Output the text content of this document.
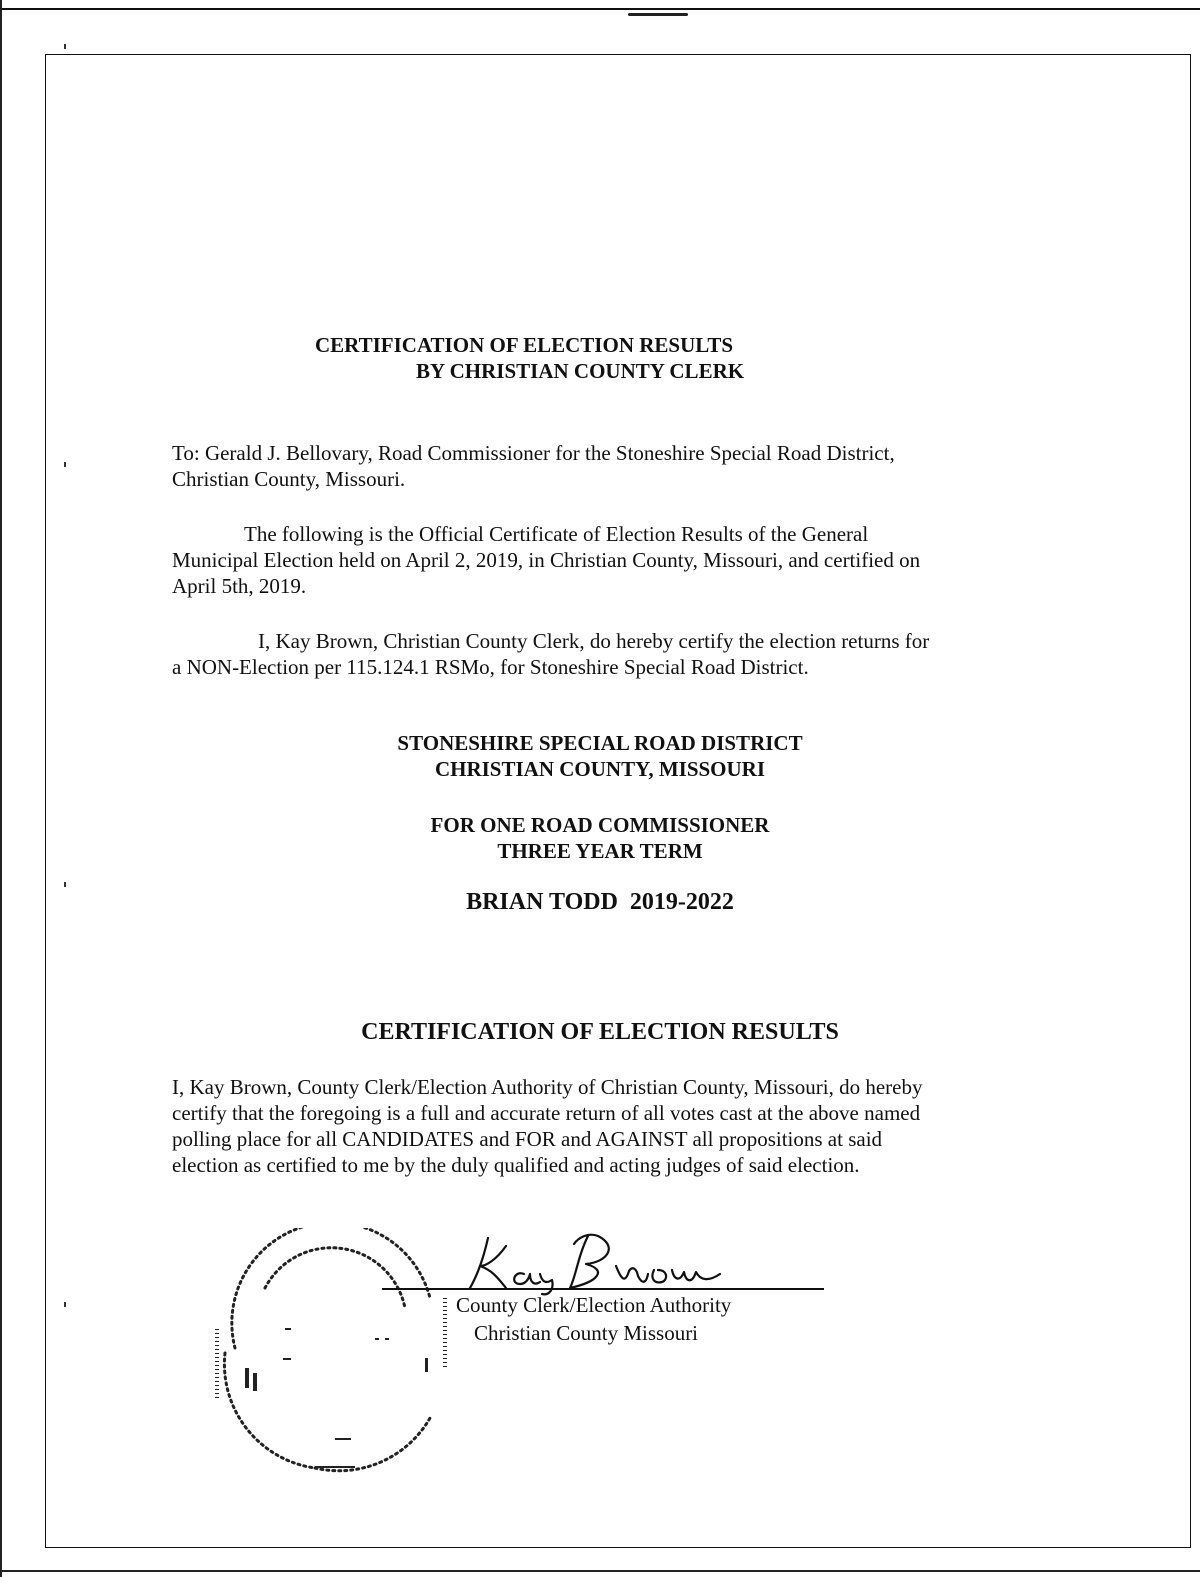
CERTIFICATION OF ELECTION RESULTS
BY CHRISTIAN COUNTY CLERK
To: Gerald J. Bellovary, Road Commissioner for the Stoneshire Special Road District,
Christian County, Missouri.
The following is the Official Certificate of Election Results of the General
Municipal Election held on April 2, 2019, in Christian County, Missouri, and certified on
April 5th, 2019.
I, Kay Brown, Christian County Clerk, do hereby certify the election returns for
a NON-Election per 115.124.1 RSMo, for Stoneshire Special Road District.
STONESHIRE SPECIAL ROAD DISTRICT
CHRISTIAN COUNTY, MISSOURI
FOR ONE ROAD COMMISSIONER
THREE YEAR TERM
BRIAN TODD  2019-2022
CERTIFICATION OF ELECTION RESULTS
I, Kay Brown, County Clerk/Election Authority of Christian County, Missouri, do hereby
certify that the foregoing is a full and accurate return of all votes cast at the above named
polling place for all CANDIDATES and FOR and AGAINST all propositions at said
election as certified to me by the duly qualified and acting judges of said election.
County Clerk/Election Authority
Christian County Missouri
